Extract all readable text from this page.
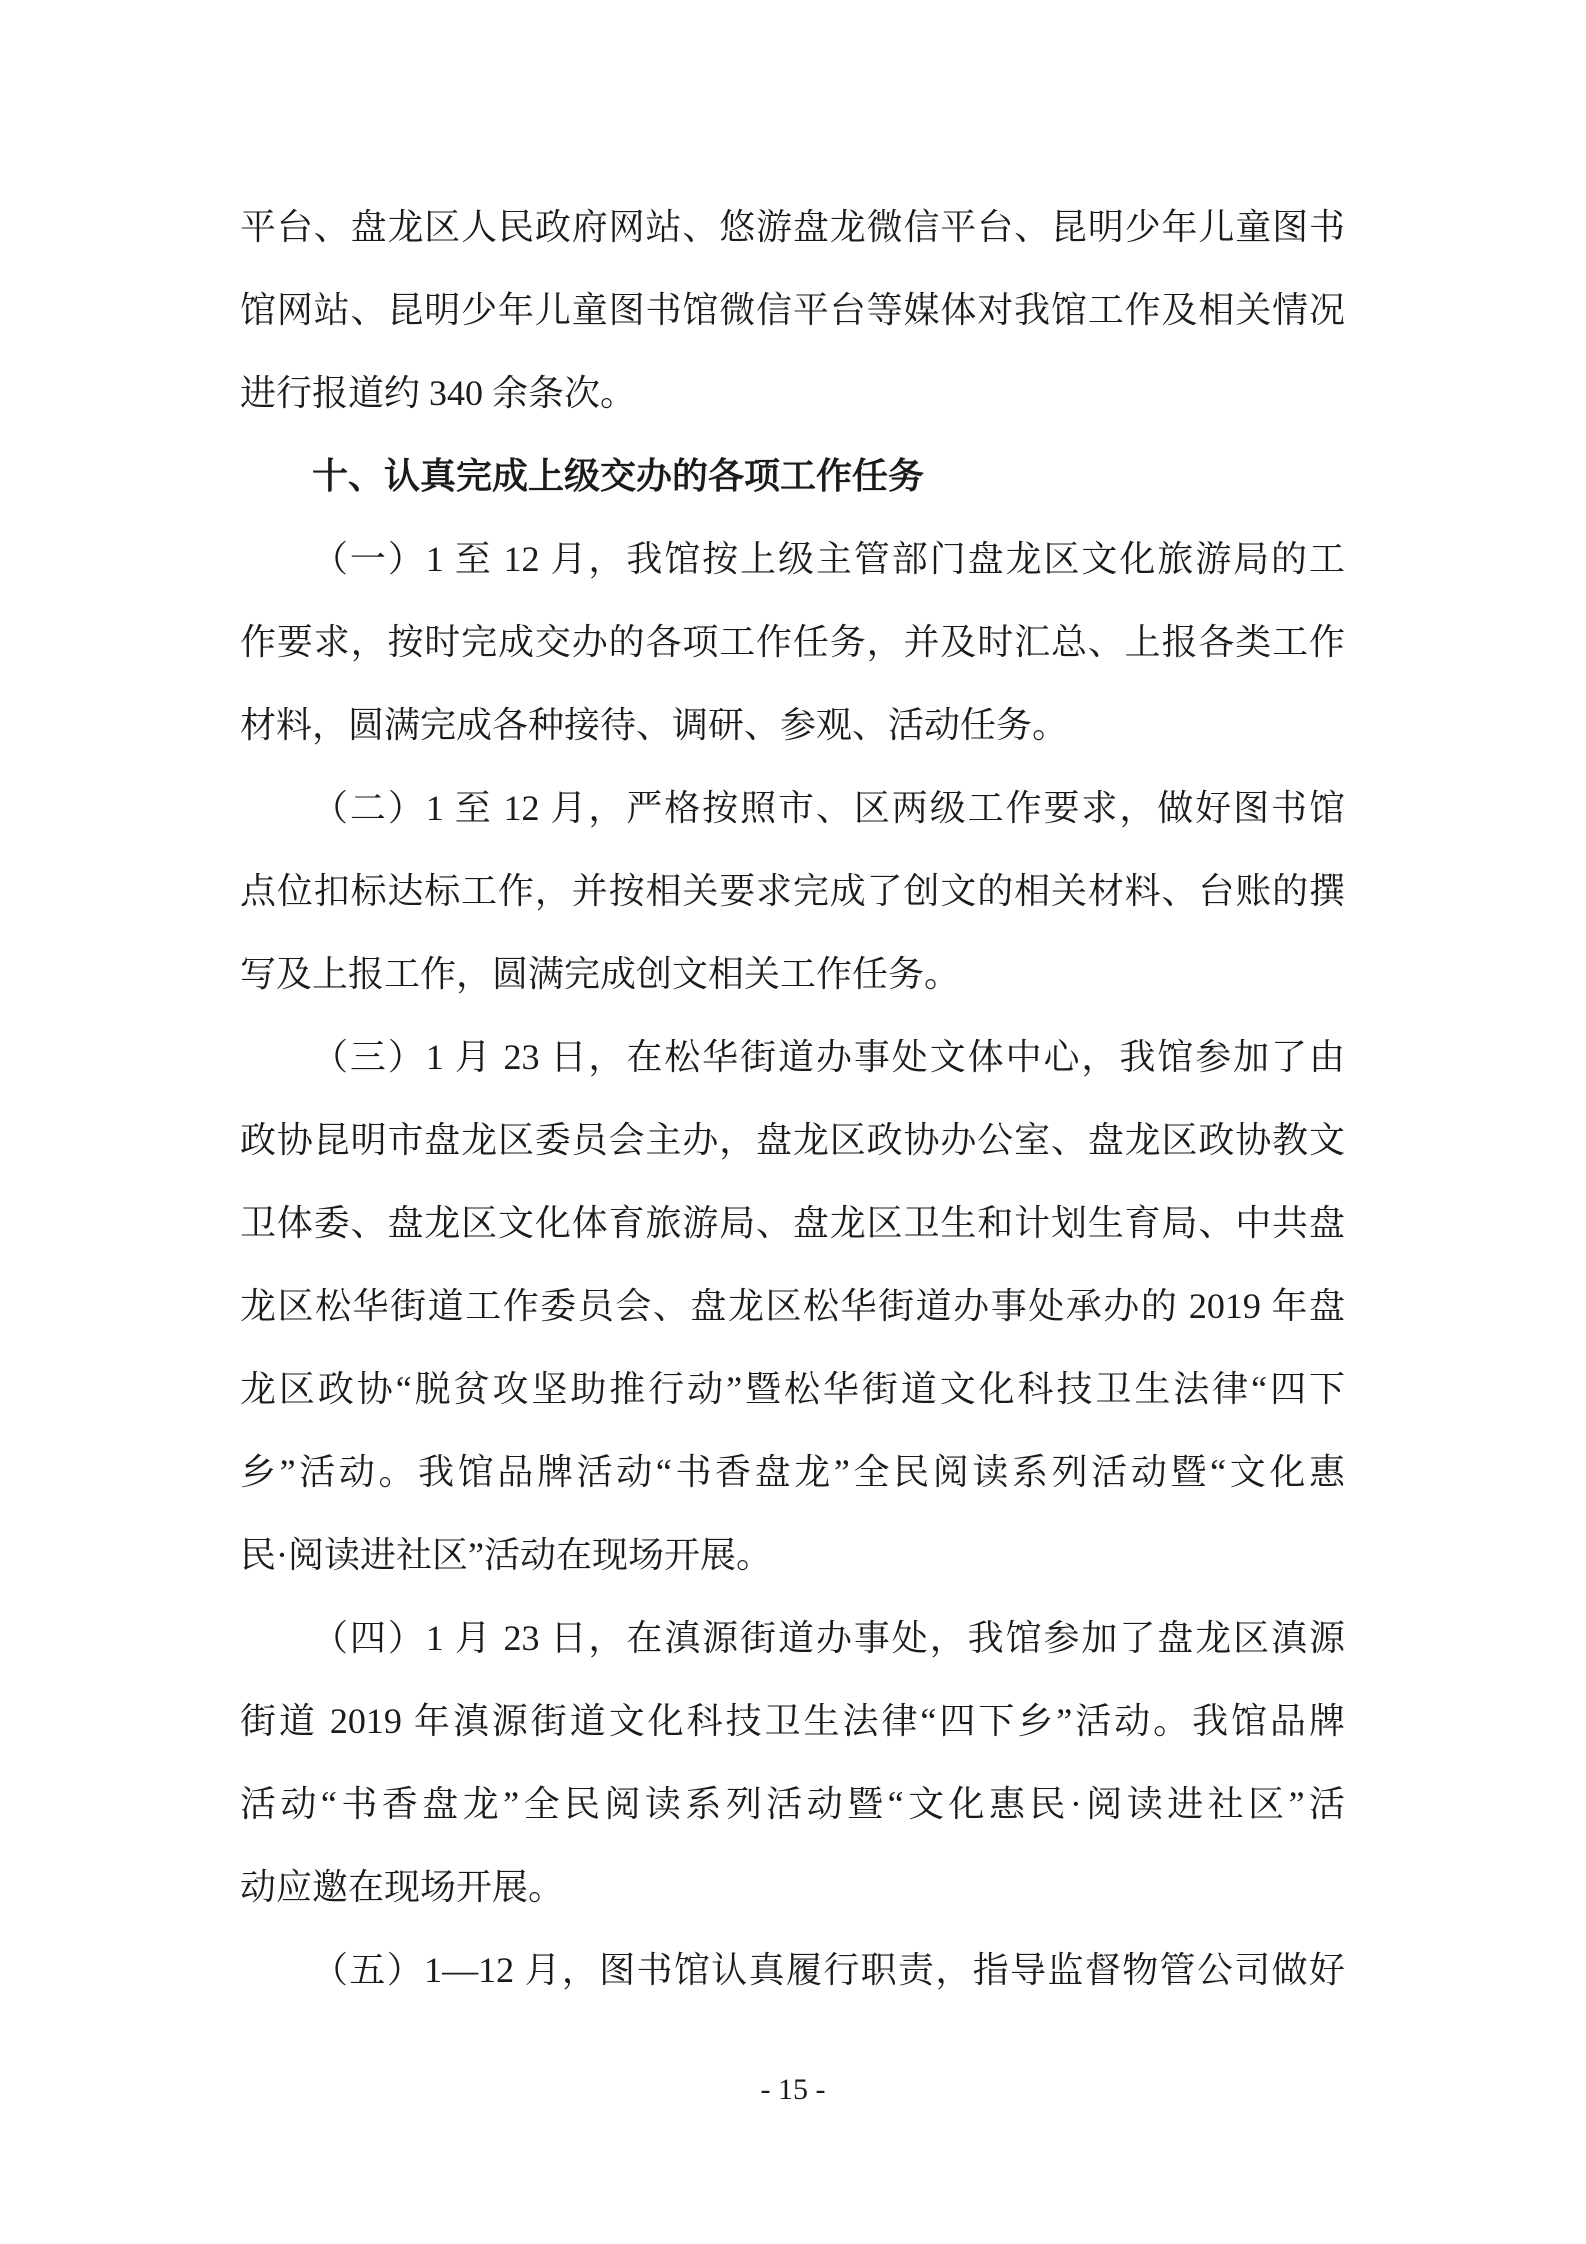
平台、盘龙区人民政府网站、悠游盘龙微信平台、昆明少年儿童图书
馆网站、昆明少年儿童图书馆微信平台等媒体对我馆工作及相关情况
进行报道约 340 余条次。
十、认真完成上级交办的各项工作任务
（一）1 至 12 月，我馆按上级主管部门盘龙区文化旅游局的工
作要求，按时完成交办的各项工作任务，并及时汇总、上报各类工作
材料，圆满完成各种接待、调研、参观、活动任务。
（二）1 至 12 月，严格按照市、区两级工作要求，做好图书馆
点位扣标达标工作，并按相关要求完成了创文的相关材料、台账的撰
写及上报工作，圆满完成创文相关工作任务。
（三）1 月 23 日，在松华街道办事处文体中心，我馆参加了由
政协昆明市盘龙区委员会主办，盘龙区政协办公室、盘龙区政协教文
卫体委、盘龙区文化体育旅游局、盘龙区卫生和计划生育局、中共盘
龙区松华街道工作委员会、盘龙区松华街道办事处承办的 2019 年盘
龙区政协“脱贫攻坚助推行动”暨松华街道文化科技卫生法律“四下
乡”活动。我馆品牌活动“书香盘龙”全民阅读系列活动暨“文化惠
民·阅读进社区”活动在现场开展。
（四）1 月 23 日，在滇源街道办事处，我馆参加了盘龙区滇源
街道 2019 年滇源街道文化科技卫生法律“四下乡”活动。我馆品牌
活动“书香盘龙”全民阅读系列活动暨“文化惠民·阅读进社区”活
动应邀在现场开展。
（五）1—12 月，图书馆认真履行职责，指导监督物管公司做好
- 15 -
